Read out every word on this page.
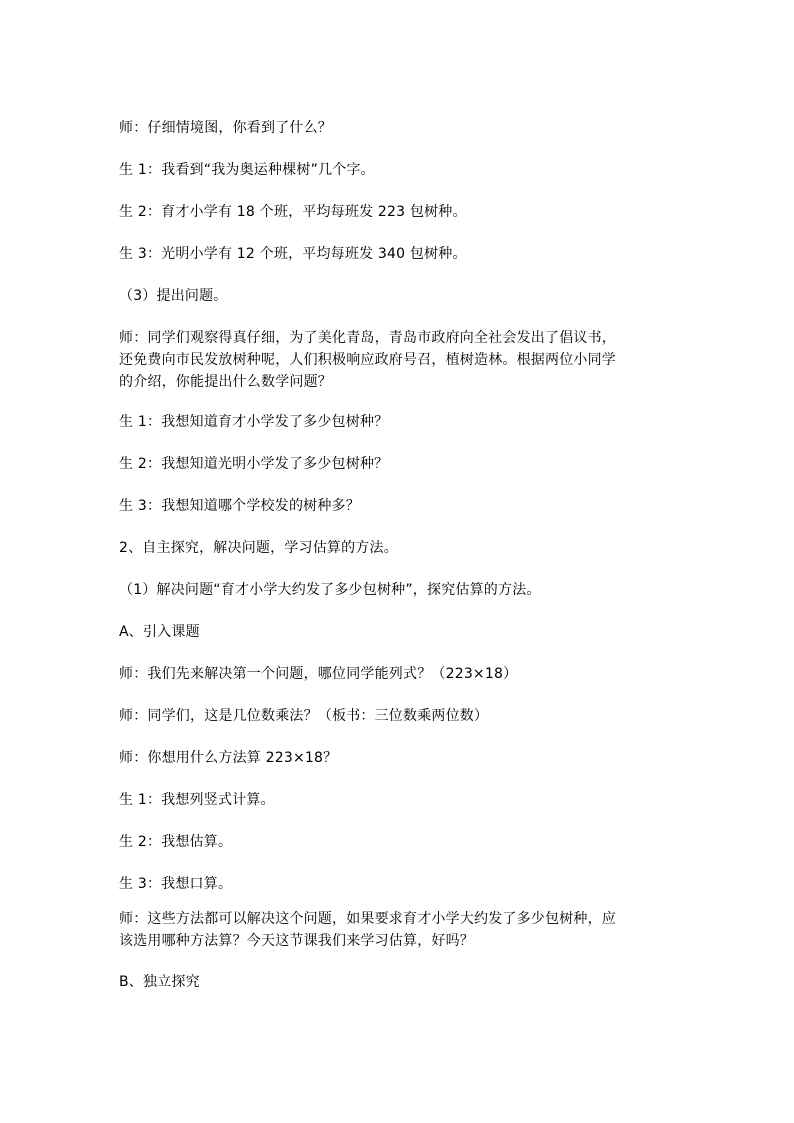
师：仔细情境图，你看到了什么？

生 1：我看到“我为奥运种棵树”几个字。

生 2：育才小学有 18 个班，平均每班发 223 包树种。

生 3：光明小学有 12 个班，平均每班发 340 包树种。

（3）提出问题。

师：同学们观察得真仔细，为了美化青岛，青岛市政府向全社会发出了倡议书，
还免费向市民发放树种呢，人们积极响应政府号召，植树造林。根据两位小同学
的介绍，你能提出什么数学问题？

生 1：我想知道育才小学发了多少包树种？

生 2：我想知道光明小学发了多少包树种？

生 3：我想知道哪个学校发的树种多？

2、自主探究，解决问题，学习估算的方法。

（1）解决问题“育才小学大约发了多少包树种”，探究估算的方法。

A、引入课题

师：我们先来解决第一个问题，哪位同学能列式？（223×18）

师：同学们，这是几位数乘法？（板书：三位数乘两位数）

师：你想用什么方法算 223×18？

生 1：我想列竖式计算。

生 2：我想估算。

生 3：我想口算。

师：这些方法都可以解决这个问题，如果要求育才小学大约发了多少包树种，应
该选用哪种方法算？今天这节课我们来学习估算，好吗？

B、独立探究
